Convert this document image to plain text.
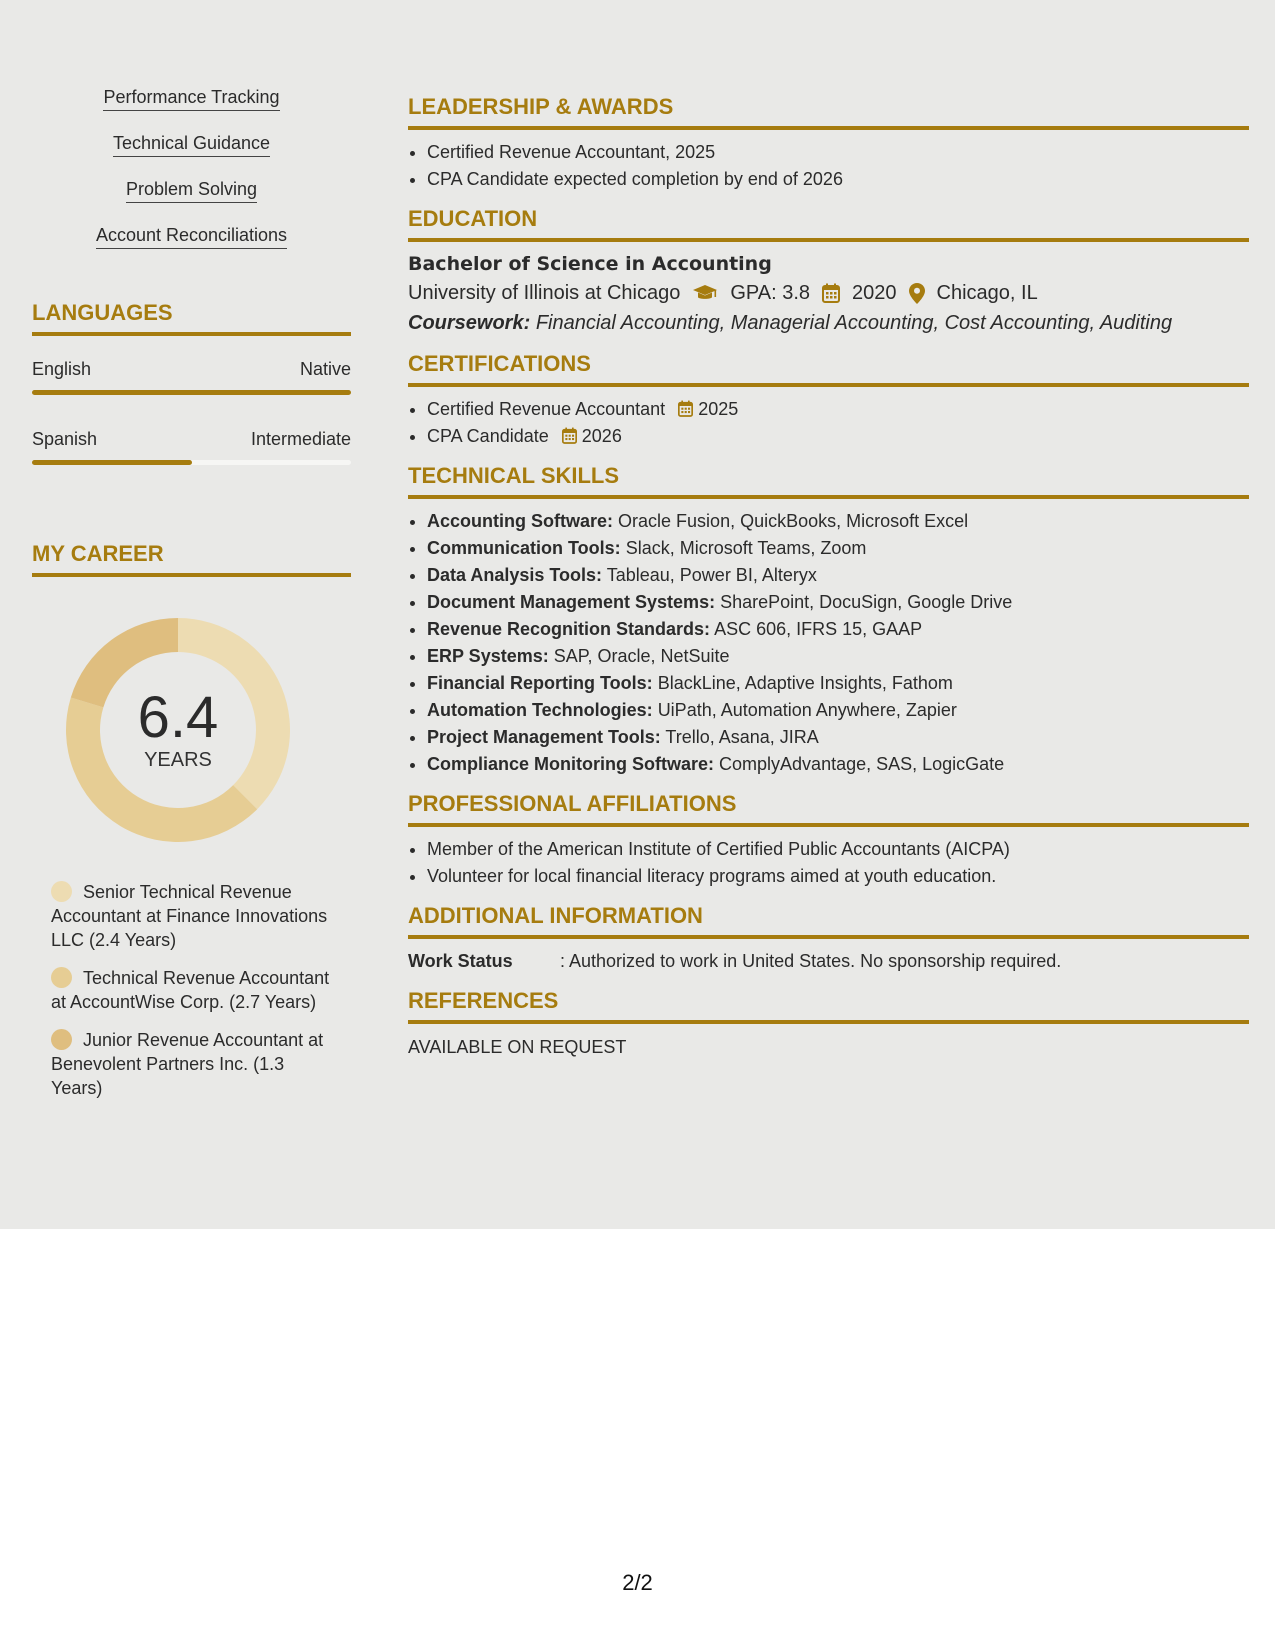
Performance Tracking
Technical Guidance
Problem Solving
Account Reconciliations
LANGUAGES
English	Native
Spanish	Intermediate
MY CAREER
6.4
YEARS
Senior Technical Revenue Accountant at Finance Innovations LLC (2.4 Years)
Technical Revenue Accountant at AccountWise Corp. (2.7 Years)
Junior Revenue Accountant at Benevolent Partners Inc. (1.3 Years)
LEADERSHIP & AWARDS
• Certified Revenue Accountant, 2025
• CPA Candidate expected completion by end of 2026
EDUCATION
Bachelor of Science in Accounting
University of Illinois at Chicago	GPA: 3.8 2020 Chicago, IL
Coursework: Financial Accounting, Managerial Accounting, Cost Accounting, Auditing
CERTIFICATIONS
• Certified Revenue Accountant 2025
• CPA Candidate 2026
TECHNICAL SKILLS
• Accounting Software: Oracle Fusion, QuickBooks, Microsoft Excel
• Communication Tools: Slack, Microsoft Teams, Zoom
• Data Analysis Tools: Tableau, Power BI, Alteryx
• Document Management Systems: SharePoint, DocuSign, Google Drive
• Revenue Recognition Standards: ASC 606, IFRS 15, GAAP
• ERP Systems: SAP, Oracle, NetSuite
• Financial Reporting Tools: BlackLine, Adaptive Insights, Fathom
• Automation Technologies: UiPath, Automation Anywhere, Zapier
• Project Management Tools: Trello, Asana, JIRA
• Compliance Monitoring Software: ComplyAdvantage, SAS, LogicGate
PROFESSIONAL AFFILIATIONS
• Member of the American Institute of Certified Public Accountants (AICPA)
• Volunteer for local financial literacy programs aimed at youth education.
ADDITIONAL INFORMATION
Work Status	: Authorized to work in United States. No sponsorship required.
REFERENCES
AVAILABLE ON REQUEST
2/2
